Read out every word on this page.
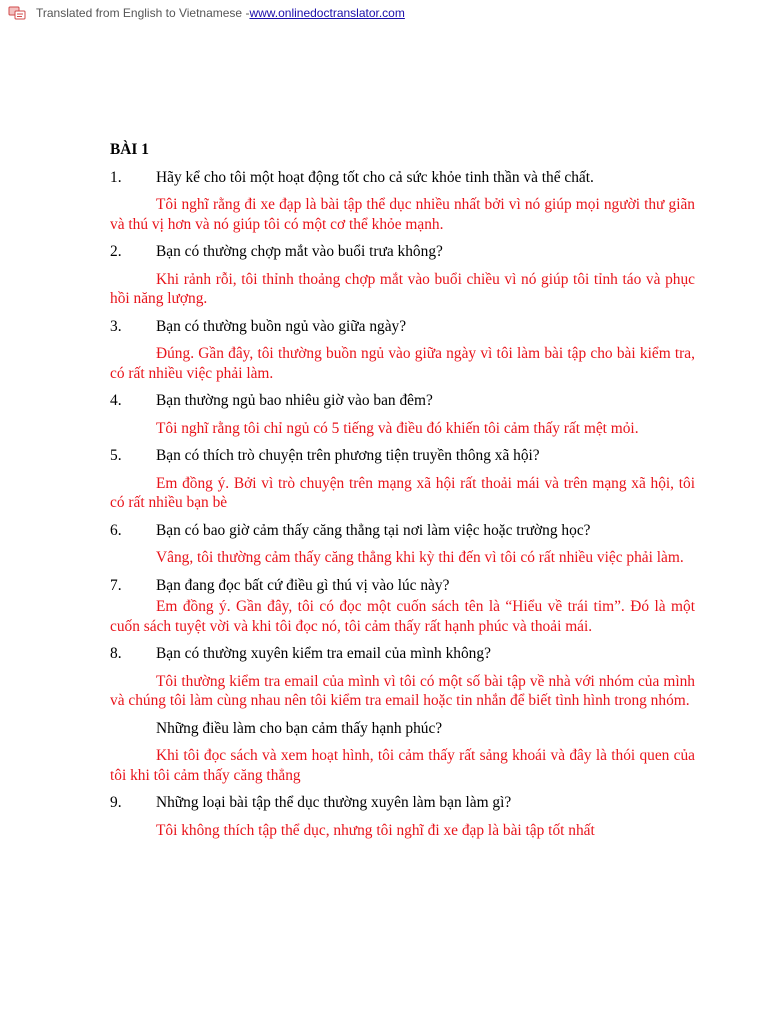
Translated from English to Vietnamese - www.onlinedoctranslator.com
BÀI 1
1.	Hãy kể cho tôi một hoạt động tốt cho cả sức khỏe tinh thần và thể chất.
Tôi nghĩ rằng đi xe đạp là bài tập thể dục nhiều nhất bởi vì nó giúp mọi người thư giãn và thú vị hơn và nó giúp tôi có một cơ thể khỏe mạnh.
2.	Bạn có thường chợp mắt vào buổi trưa không?
Khi rảnh rỗi, tôi thỉnh thoảng chợp mắt vào buổi chiều vì nó giúp tôi tỉnh táo và phục hồi năng lượng.
3.	Bạn có thường buồn ngủ vào giữa ngày?
Đúng. Gần đây, tôi thường buồn ngủ vào giữa ngày vì tôi làm bài tập cho bài kiểm tra, có rất nhiều việc phải làm.
4.	Bạn thường ngủ bao nhiêu giờ vào ban đêm?
Tôi nghĩ rằng tôi chỉ ngủ có 5 tiếng và điều đó khiến tôi cảm thấy rất mệt mỏi.
5.	Bạn có thích trò chuyện trên phương tiện truyền thông xã hội?
Em đồng ý. Bởi vì trò chuyện trên mạng xã hội rất thoải mái và trên mạng xã hội, tôi có rất nhiều bạn bè
6.	Bạn có bao giờ cảm thấy căng thẳng tại nơi làm việc hoặc trường học?
Vâng, tôi thường cảm thấy căng thẳng khi kỳ thi đến vì tôi có rất nhiều việc phải làm.
7.	Bạn đang đọc bất cứ điều gì thú vị vào lúc này?
Em đồng ý. Gần đây, tôi có đọc một cuốn sách tên là “Hiểu về trái tim”. Đó là một cuốn sách tuyệt vời và khi tôi đọc nó, tôi cảm thấy rất hạnh phúc và thoải mái.
8.	Bạn có thường xuyên kiểm tra email của mình không?
Tôi thường kiểm tra email của mình vì tôi có một số bài tập về nhà với nhóm của mình và chúng tôi làm cùng nhau nên tôi kiểm tra email hoặc tin nhắn để biết tình hình trong nhóm.
Những điều làm cho bạn cảm thấy hạnh phúc?
Khi tôi đọc sách và xem hoạt hình, tôi cảm thấy rất sảng khoái và đây là thói quen của tôi khi tôi cảm thấy căng thẳng
9.	Những loại bài tập thể dục thường xuyên làm bạn làm gì?
Tôi không thích tập thể dục, nhưng tôi nghĩ đi xe đạp là bài tập tốt nhất
